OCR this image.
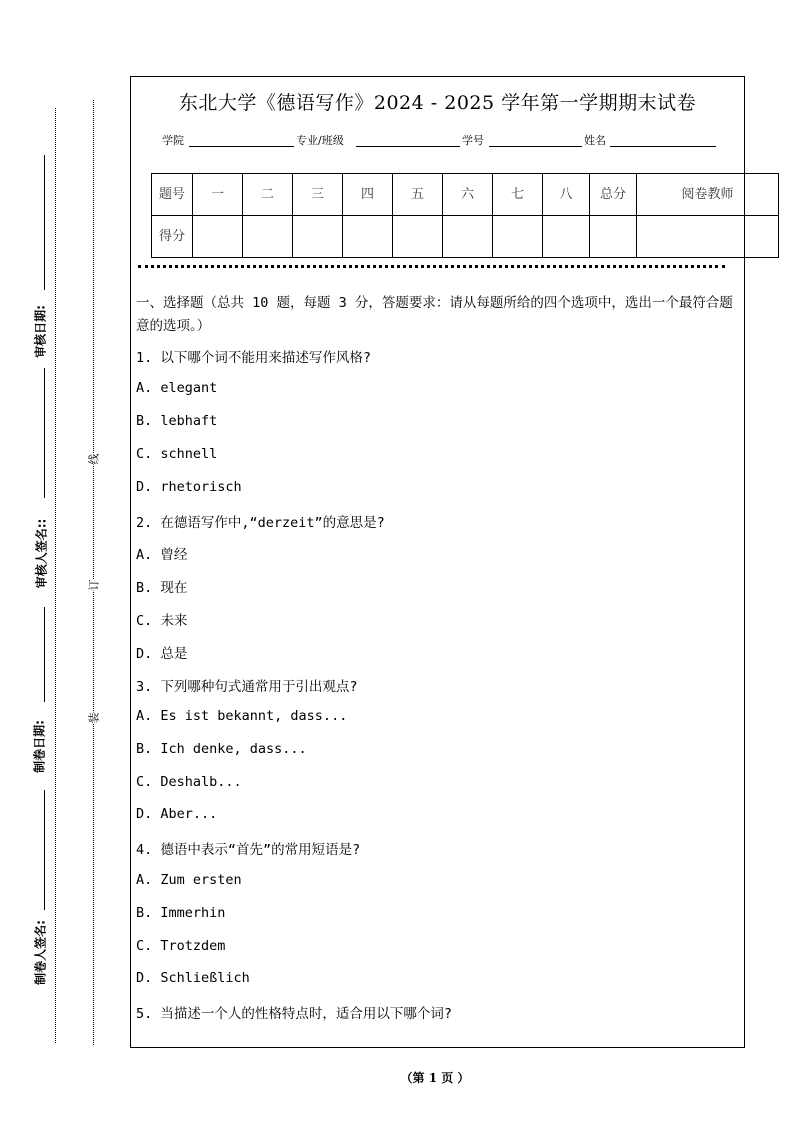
审核日期:
审核人签名::
制卷日期:
制卷人签名:
线
订
装
东北大学《德语写作》2024 - 2025 学年第一学期期末试卷
学院	专业/班级	学号	姓名
题号	一	二	三	四	五	六	七	八	总分	阅卷教师
得分										
一、选择题（总共 10 题，每题 3 分，答题要求：请从每题所给的四个选项中，选出一个最符合题意的选项。）
1. 以下哪个词不能用来描述写作风格?
A. elegant
B. lebhaft
C. schnell
D. rhetorisch
2. 在德语写作中,“derzeit”的意思是?
A. 曾经
B. 现在
C. 未来
D. 总是
3. 下列哪种句式通常用于引出观点?
A. Es ist bekannt, dass...
B. Ich denke, dass...
C. Deshalb...
D. Aber...
4. 德语中表示“首先”的常用短语是?
A. Zum ersten
B. Immerhin
C. Trotzdem
D. Schließlich
5. 当描述一个人的性格特点时，适合用以下哪个词?
（第 1 页 ）
